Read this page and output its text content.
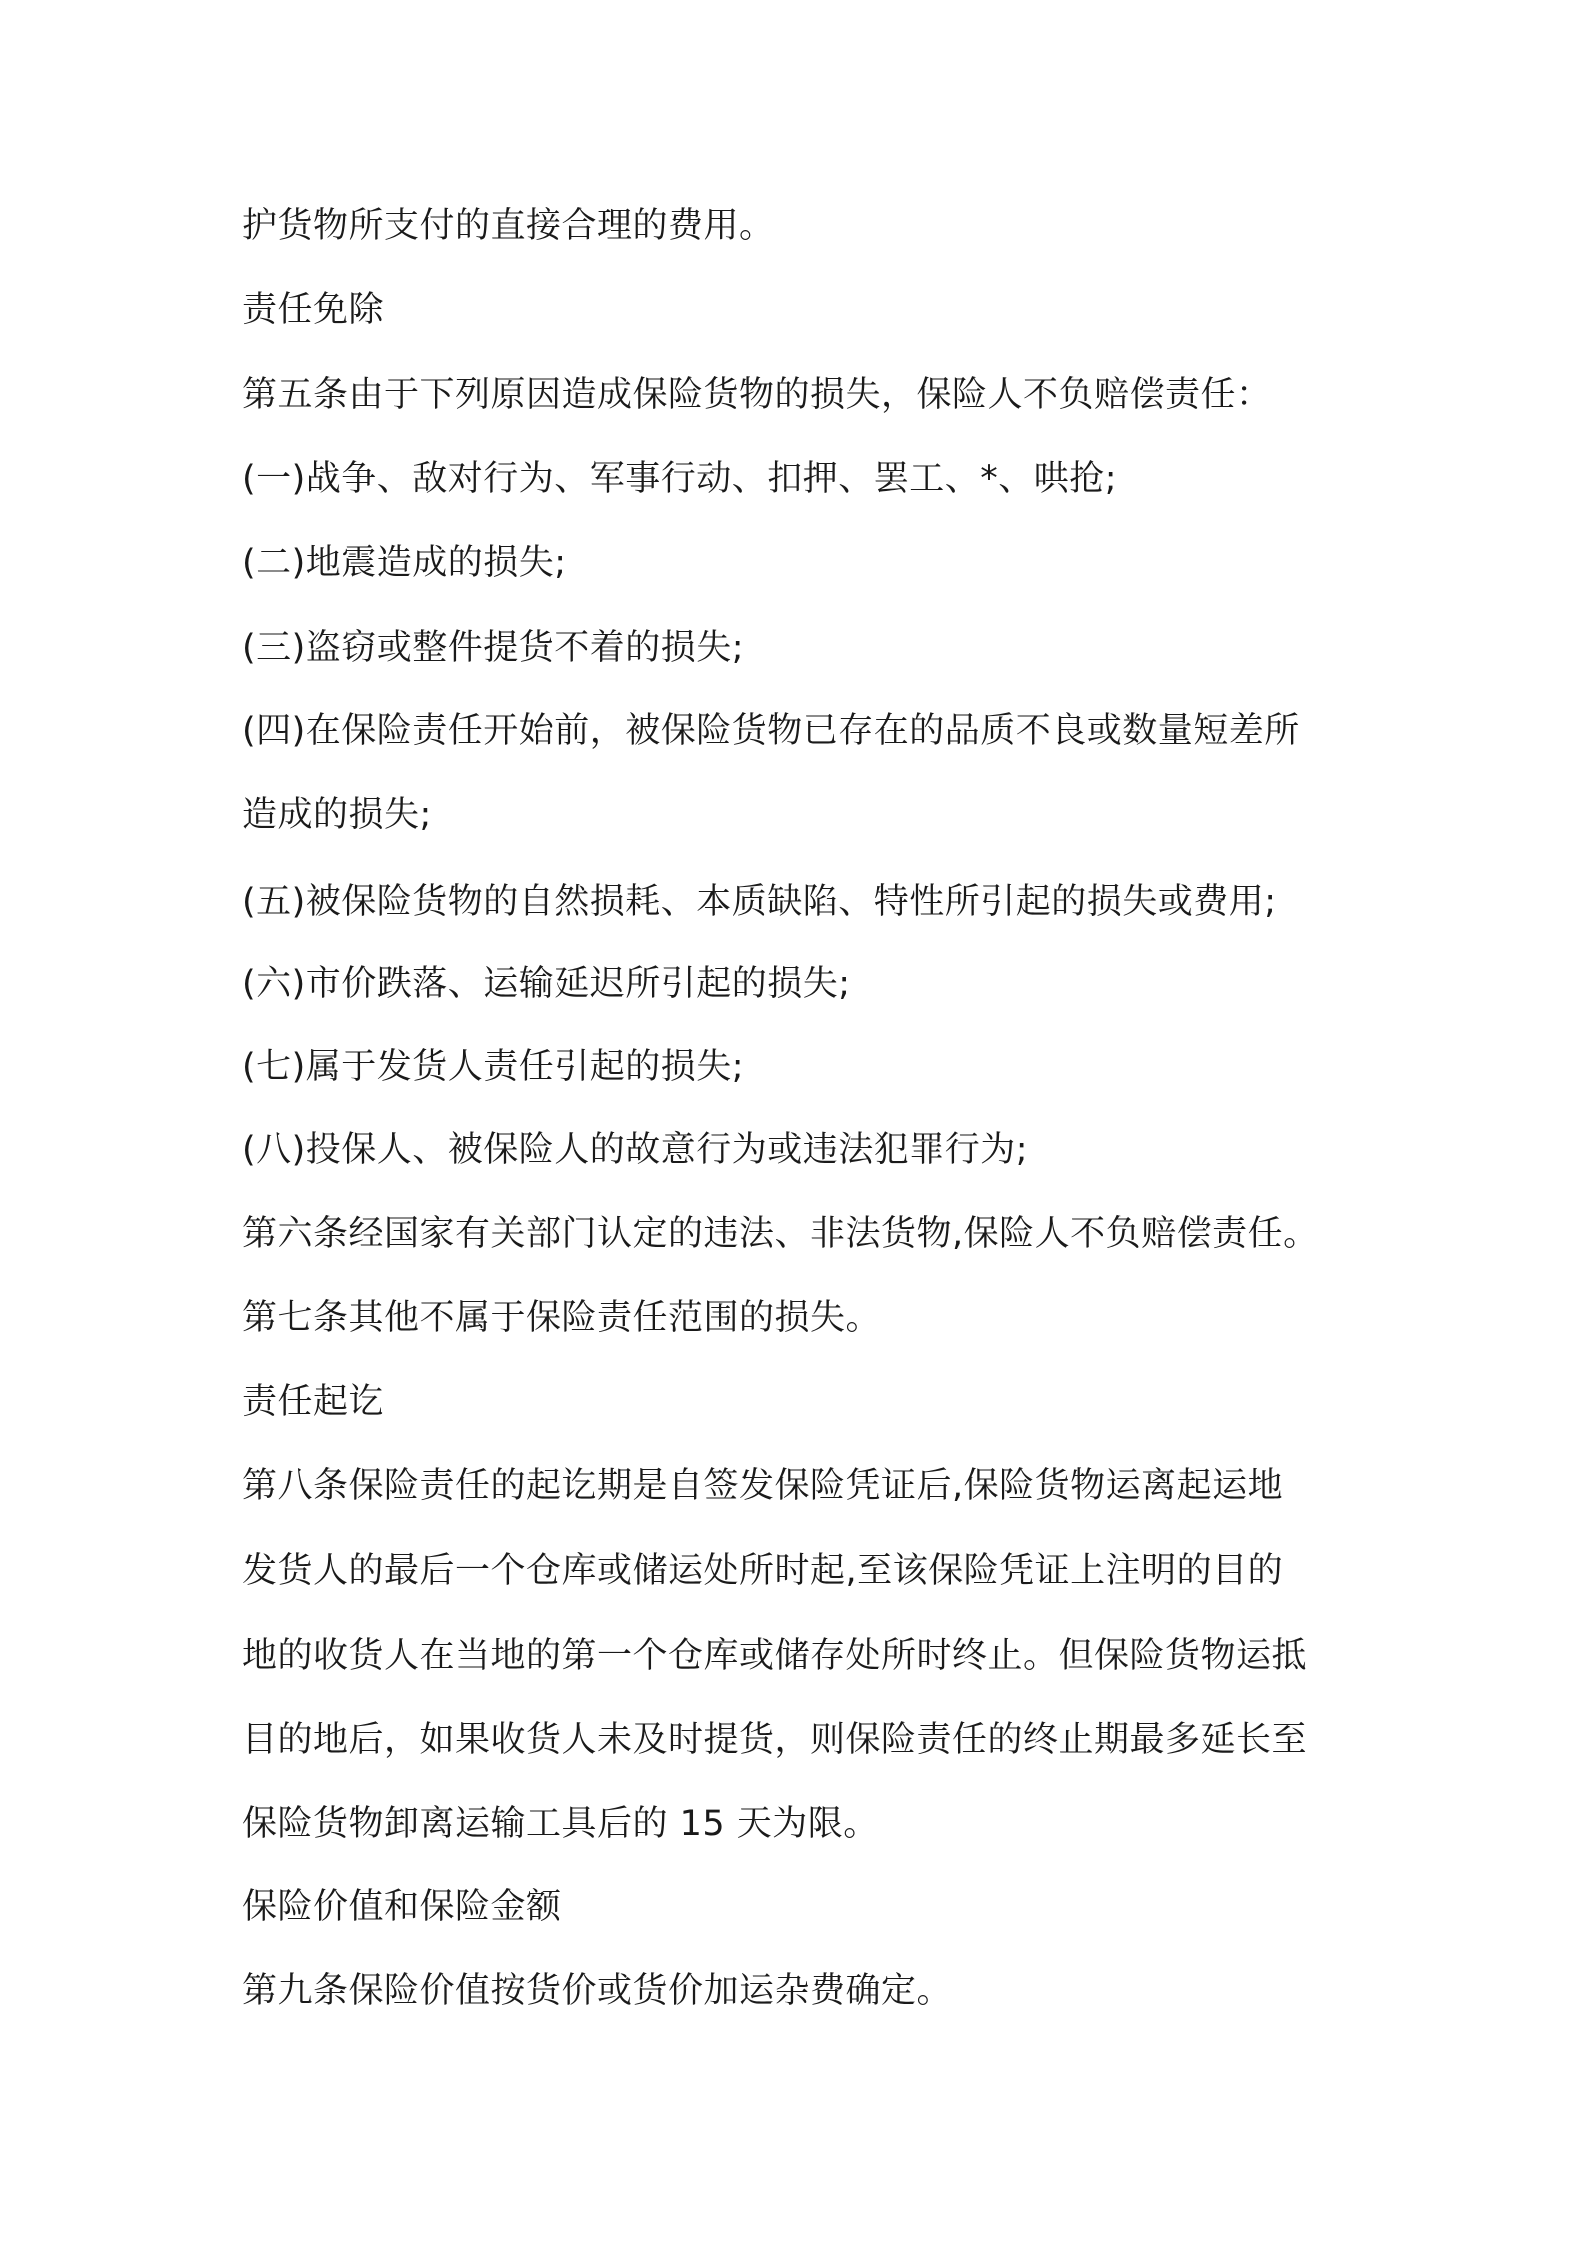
护货物所支付的直接合理的费用。
责任免除
第五条由于下列原因造成保险货物的损失，保险人不负赔偿责任：
(一)战争、敌对行为、军事行动、扣押、罢工、*、哄抢;
(二)地震造成的损失;
(三)盗窃或整件提货不着的损失;
(四)在保险责任开始前，被保险货物已存在的品质不良或数量短差所
造成的损失;
(五)被保险货物的自然损耗、本质缺陷、特性所引起的损失或费用;
(六)市价跌落、运输延迟所引起的损失;
(七)属于发货人责任引起的损失;
(八)投保人、被保险人的故意行为或违法犯罪行为;
第六条经国家有关部门认定的违法、非法货物,保险人不负赔偿责任。
第七条其他不属于保险责任范围的损失。
责任起讫
第八条保险责任的起讫期是自签发保险凭证后,保险货物运离起运地
发货人的最后一个仓库或储运处所时起,至该保险凭证上注明的目的
地的收货人在当地的第一个仓库或储存处所时终止。但保险货物运抵
目的地后，如果收货人未及时提货，则保险责任的终止期最多延长至
保险货物卸离运输工具后的 15 天为限。
保险价值和保险金额
第九条保险价值按货价或货价加运杂费确定。
